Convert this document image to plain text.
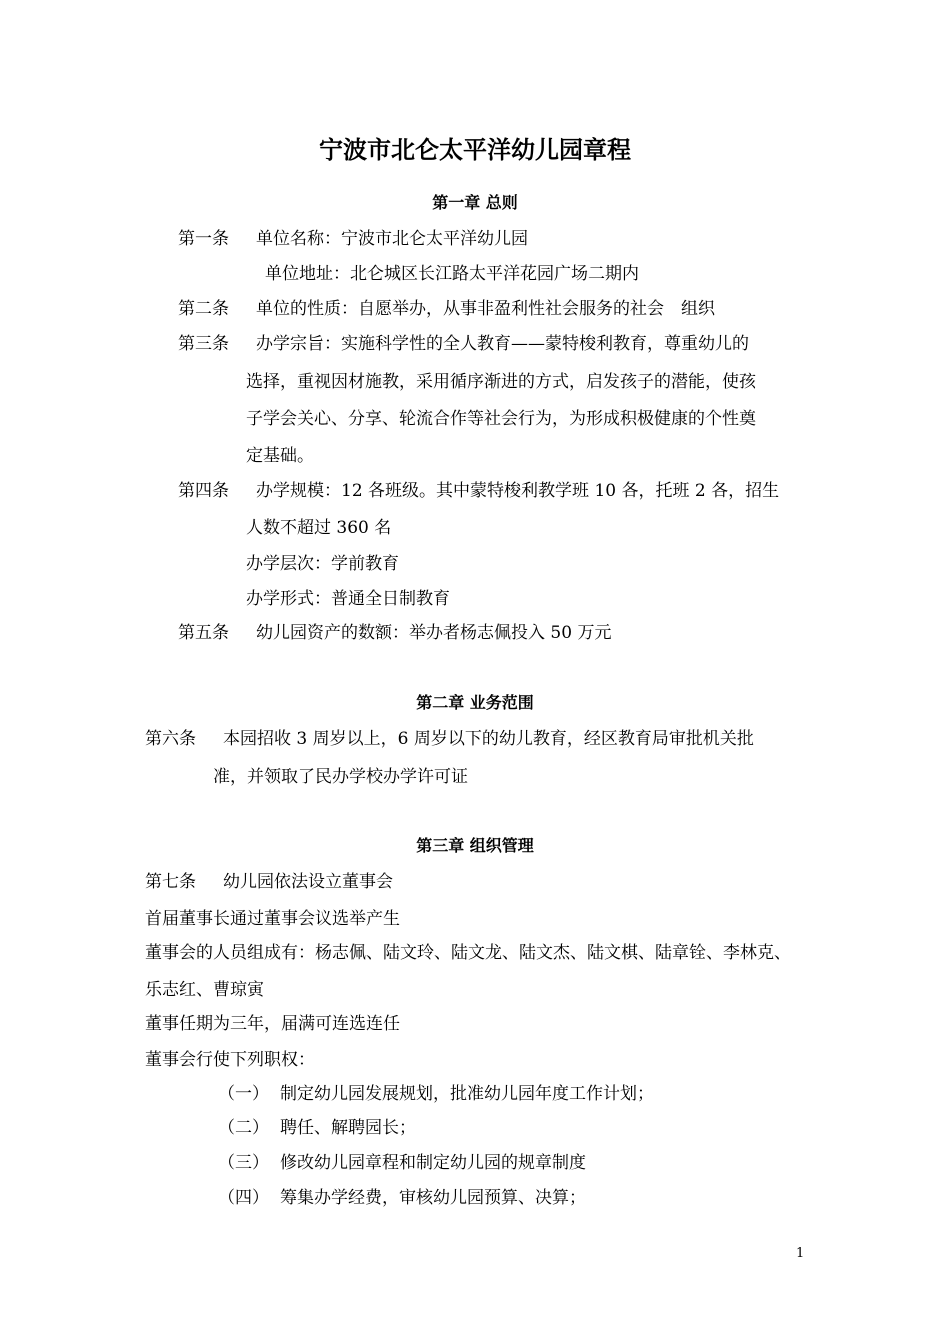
宁波市北仑太平洋幼儿园章程
第一章 总则
第一条 单位名称：宁波市北仑太平洋幼儿园
单位地址：北仑城区长江路太平洋花园广场二期内
第二条 单位的性质：自愿举办，从事非盈利性社会服务的社会　组织
第三条 办学宗旨：实施科学性的全人教育——蒙特梭利教育，尊重幼儿的
选择，重视因材施教，采用循序渐进的方式，启发孩子的潜能，使孩
子学会关心、分享、轮流合作等社会行为，为形成积极健康的个性奠
定基础。
第四条 办学规模：12 各班级。其中蒙特梭利教学班 10 各，托班 2 各，招生
人数不超过 360 名
办学层次：学前教育
办学形式：普通全日制教育
第五条 幼儿园资产的数额：举办者杨志佩投入 50 万元
第二章 业务范围
第六条 本园招收 3 周岁以上，6 周岁以下的幼儿教育，经区教育局审批机关批
准，并领取了民办学校办学许可证
第三章 组织管理
第七条 幼儿园依法设立董事会
首届董事长通过董事会议选举产生
董事会的人员组成有：杨志佩、陆文玲、陆文龙、陆文杰、陆文棋、陆章铨、李林克、
乐志红、曹琼寅
董事任期为三年，届满可连选连任
董事会行使下列职权：
（一） 制定幼儿园发展规划，批准幼儿园年度工作计划；
（二） 聘任、解聘园长；
（三） 修改幼儿园章程和制定幼儿园的规章制度
（四） 筹集办学经费，审核幼儿园预算、决算；
1
